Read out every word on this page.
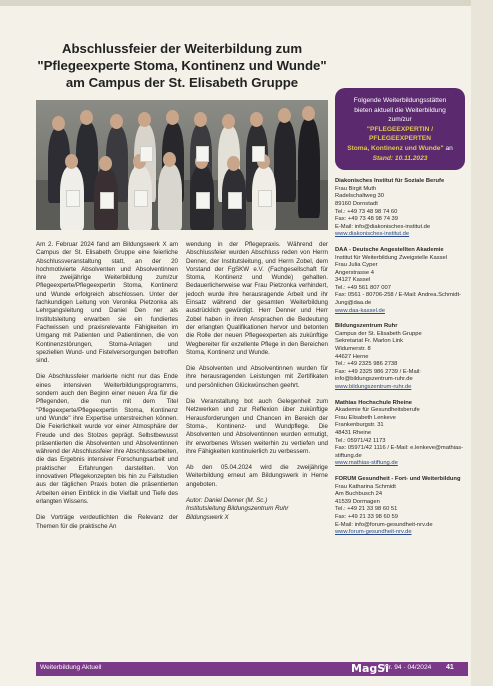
Abschlussfeier der Weiterbildung zum
"Pflegeexperte Stoma, Kontinenz und Wunde"
am Campus der St. Elisabeth Gruppe

Am 2. Februar 2024 fand am Bildungswerk X am Campus der St. Elisabeth Gruppe eine feierliche Abschlussveranstaltung statt, an der 20 hochmotivierte Absolventen und Absolventinnen ihre zweijährige Weiterbildung zum/zur Pflegeexperte/Pflegeexpertin Stoma, Kontinenz und Wunde erfolgreich abschlossen. Unter der fachkundigen Leitung von Veronika Pietzonka als Lehrgangsleitung und Daniel Den ner als Institutsleitung erwarben sie ein fundiertes Fachwissen und praxisrelevante Fähigkeiten im Umgang mit Patienten und Patientinnen, die von Kontinenzstörungen, Stoma-Anlagen und speziellen Wund- und Fistelversorgungen betroffen sind.

Die Abschlussfeier markierte nicht nur das Ende eines intensiven Weiterbildungsprogramms, sondern auch den Beginn einer neuen Ära für die Pflegenden, die nun mit dem Titel "Pflegeexperte/Pflegeexpertin Stoma, Kontinenz und Wunde" ihre Expertise unterstreichen können. Die Feierlichkeit wurde vor einer Atmosphäre der Freude und des Stolzes geprägt. Selbstbewusst präsentierten die Absolventen und Absolventinnen während der Abschlussfeier ihre Abschlussarbeiten, die das Ergebnis intensiver Forschungsarbeit und praktischer Erfahrungen darstellten. Von innovativen Pflegekonzepten bis hin zu Fallstudien aus der täglichen Praxis boten die präsentierten Arbeiten einen Einblick in die Vielfalt und Tiefe des erlangten Wissens.

Die Vorträge verdeutlichten die Relevanz der Themen für die praktische An

wendung in der Pflegepraxis. Während der Abschlussfeier wurden Abschluss reden von Herrn Denner, der Institutsleitung, und Herrn Zobel, dem Vorstand der FgSKW e.V. (Fachgesellschaft für Stoma, Kontinenz und Wunde) gehalten. Bedauerlicherweise war Frau Pietzonka verhindert, jedoch wurde ihre herausragende Arbeit und ihr Einsatz während der gesamten Weiterbildung ausdrücklich gewürdigt. Herr Denner und Herr Zobel haben in ihren Ansprachen die Bedeutung der erlangten Qualifikationen hervor und betonten die Rolle der neuen Pflegeexperten als zukünftige Wegbereiter für exzellente Pflege in den Bereichen Stoma, Kontinenz und Wunde.

Die Absolventen und Absolventinnen wurden für ihre herausragenden Leistungen mit Zertifikaten und persönlichen Glückwünschen geehrt.

Die Veranstaltung bot auch Gelegenheit zum Netzwerken und zur Reflexion über zukünftige Herausforderungen und Chancen im Bereich der Stoma-, Kontinenz- und Wundpflege. Die Absolventen und Absolventinnen wurden ermutigt, ihr erworbenes Wissen weiterhin zu vertiefen und ihre Fähigkeiten kontinuierlich zu verbessern.

Ab den 05.04.2024 wird die zweijährige Weiterbildung erneut am Bildungswerk in Herne angeboten.

Autor: Daniel Denner (M. Sc.)
Institutsleitung Bildungszentrum Ruhr
Bildungswerk X

Folgende Weiterbildungsstätten
bieten aktuell die Weiterbildung
zum/zur
"PFLEGEEXPERTIN / PFLEGEEXPERTEN
Stoma, Kontinenz und Wunde" an
Stand: 10.11.2023
Diakonisches Institut für Soziale Berufe
Frau Birgit Muth
Radelschaltweg 30
89160 Dornstadt
Tel.: +49 73 48 98 74 60
Fax: +49 73 48 98 74 39
E-Mail: info@diakonisches-institut.de
www.diakonisches-institut.de
DAA - Deutsche Angestellten Akademie
Institut für Weiterbildung Zweigstelle Kassel
Frau Julia Cyper
Angerstrasse 4
34127 Kassel
Tel.: +49 561 807 007
Fax: 0561 - 80706-258 / E-Mail: Andrea.Schmidt-Jung@daa.de
www.daa-kassel.de
Bildungszentrum Ruhr
Campus der St. Elisabeth Gruppe
Sekretariat Fr. Marlon Link
Widumerstr. 8
44627 Herne
Tel.: +49 2325 986 2738
Fax: +49 2325 986 2739 / E-Mail: info@bildungszentrum-ruhr.de
www.bildungszentrum-ruhr.de
Mathias Hochschule Rheine
Akademie für Gesundheitsberufe
Frau Elisabeth Lenkeve
Frankenburgstr. 31
48431 Rheine
Tel.: 05971/42 1173
Fax: 05971/42 1116 / E-Mail: e.lenkeve@mathias-stiftung.de
www.mathias-stiftung.de
FORUM Gesundheit - Fort- und Weiterbildung
Frau Katharina Schmidt
Am Buchbusch 24
41539 Dormagen
Tel.: +49 21 33 98 60 51
Fax: +49 21 33 98 60 59
E-Mail: info@forum-gesundheit-nrv.de
www.forum-gesundheit-nrv.de
Weiterbildung Aktuell	MagSi
Nr. 94 · 04/2024 41
